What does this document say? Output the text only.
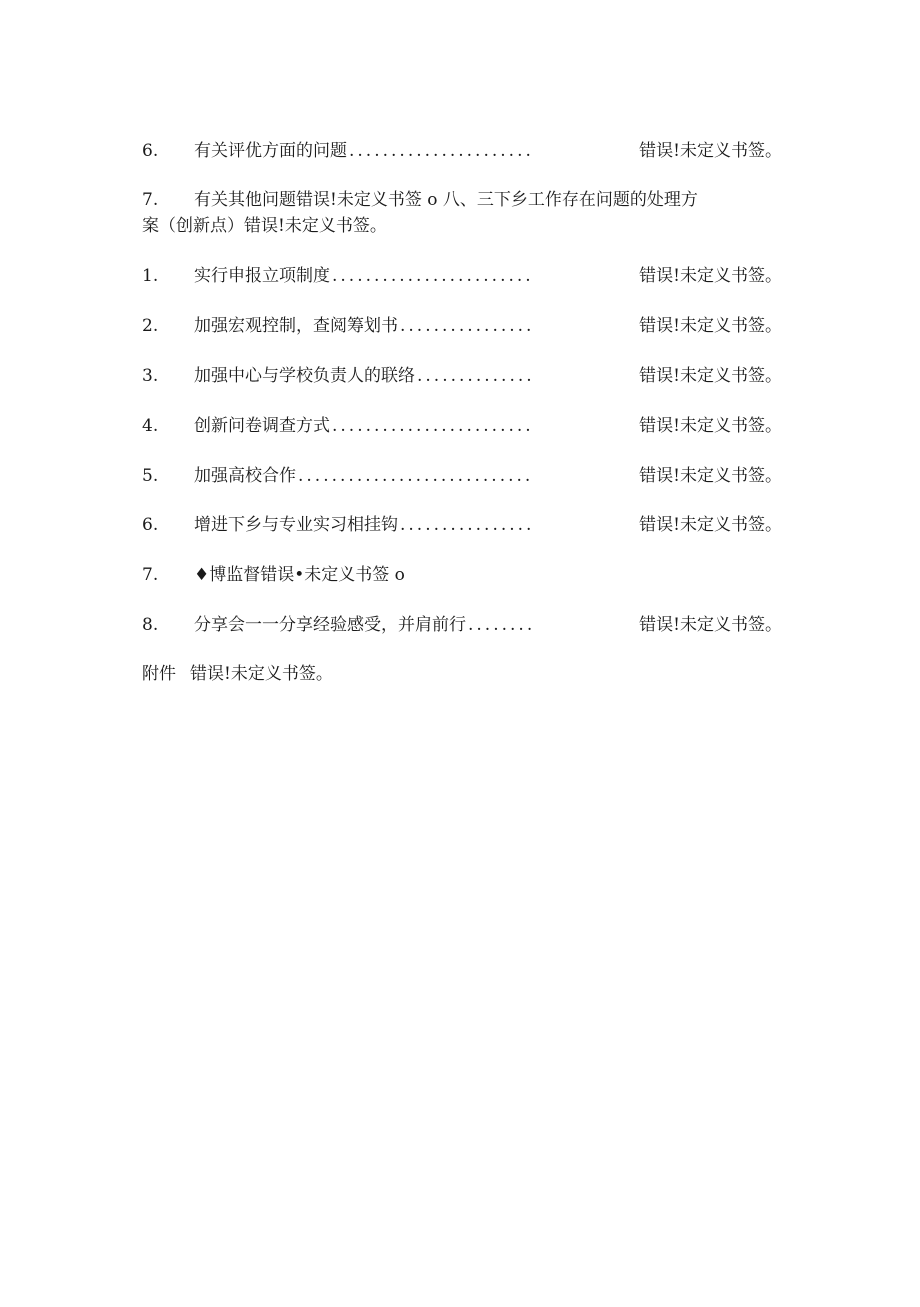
6.	有关评优方面的问题 ......................	错误!未定义书签。
7. 有关其他问题错误!未定义书签 o 八、三下乡工作存在问题的处理方
案（创新点）错误!未定义书签。
1.	实行申报立项制度 ........................	错误!未定义书签。
2.	加强宏观控制，查阅筹划书 ................	错误!未定义书签。
3.	加强中心与学校负责人的联络 ..............	错误!未定义书签。
4.	创新问卷调查方式 ........................	错误!未定义书签。
5.	加强高校合作 ............................	错误!未定义书签。
6.	增进下乡与专业实习相挂钩 ................	错误!未定义书签。
7. ♦博监督错误•未定义书签 o
8.	分享会一一分享经验感受，并肩前行 ........	错误!未定义书签。
附件 错误!未定义书签。
